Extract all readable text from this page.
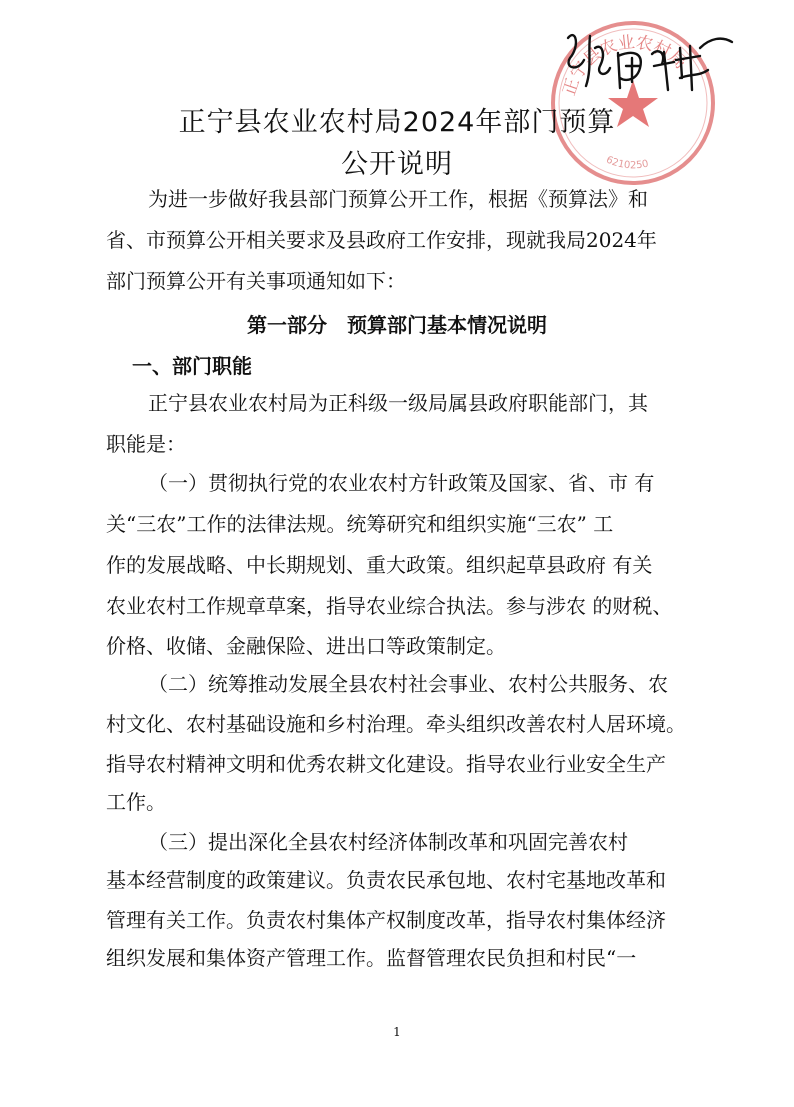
正宁县农业农村局
6210250
正宁县农业农村局2024年部门预算
公开说明
为进一步做好我县部门预算公开工作，根据《预算法》和
省、市预算公开相关要求及县政府工作安排，现就我局2024年
部门预算公开有关事项通知如下：
第一部分　预算部门基本情况说明
一、部门职能
正宁县农业农村局为正科级一级局属县政府职能部门，其
职能是：
（一）贯彻执行党的农业农村方针政策及国家、省、市 有
关“三农”工作的法律法规。统筹研究和组织实施“三农” 工
作的发展战略、中长期规划、重大政策。组织起草县政府 有关
农业农村工作规章草案，指导农业综合执法。参与涉农 的财税、
价格、收储、金融保险、进出口等政策制定。
（二）统筹推动发展全县农村社会事业、农村公共服务、农
村文化、农村基础设施和乡村治理。牵头组织改善农村人居环境。
指导农村精神文明和优秀农耕文化建设。指导农业行业安全生产
工作。
（三）提出深化全县农村经济体制改革和巩固完善农村
基本经营制度的政策建议。负责农民承包地、农村宅基地改革和
管理有关工作。负责农村集体产权制度改革，指导农村集体经济
组织发展和集体资产管理工作。监督管理农民负担和村民“一
1
